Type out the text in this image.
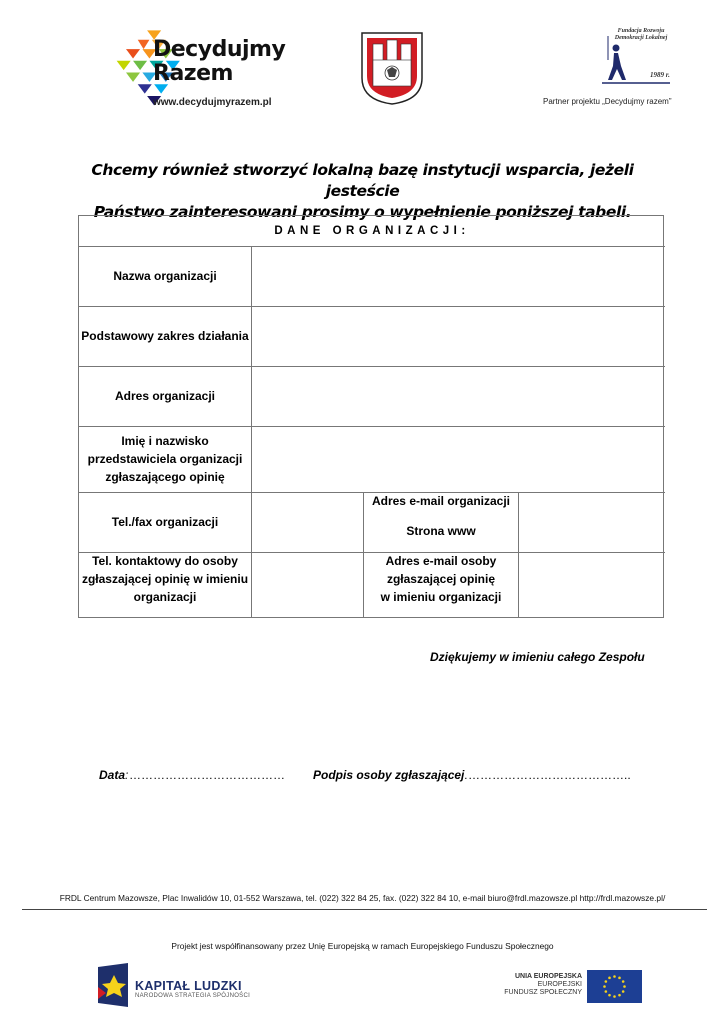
Decydujmy Razem
www.decydujmyrazem.pl
Fundacja Rozwoju Demokracji Lokalnej
1989 r.
Partner projektu „Decydujmy razem”
Chcemy również stworzyć lokalną bazę instytucji wsparcia, jeżeli jesteście
Państwo zainteresowani prosimy o wypełnienie poniższej tabeli.
DANE ORGANIZACJI:
Nazwa organizacji
Podstawowy zakres działania
Adres organizacji
Imię i nazwisko
przedstawiciela organizacji
zgłaszającego opinię
Tel./fax organizacji
Adres e-mail organizacji
Strona www
Tel. kontaktowy do osoby
zgłaszającej opinię w imieniu
organizacji
Adres e-mail osoby
zgłaszającej opinię
w imieniu organizacji
Dziękujemy w imieniu całego Zespołu
Data: ………………………………… Podpis osoby zgłaszającej
……………………………………..
FRDL Centrum Mazowsze, Plac Inwalidów 10, 01-552 Warszawa, tel. (022) 322 84 25, fax. (022) 322 84 10, e-mail biuro@frdl.mazowsze.pl http://frdl.mazowsze.pl/
Projekt jest współfinansowany przez Unię Europejską w ramach Europejskiego Funduszu Społecznego
KAPITAŁ LUDZKI
NARODOWA STRATEGIA SPÓJNOŚCI
UNIA EUROPEJSKA
EUROPEJSKI
FUNDUSZ SPOŁECZNY
